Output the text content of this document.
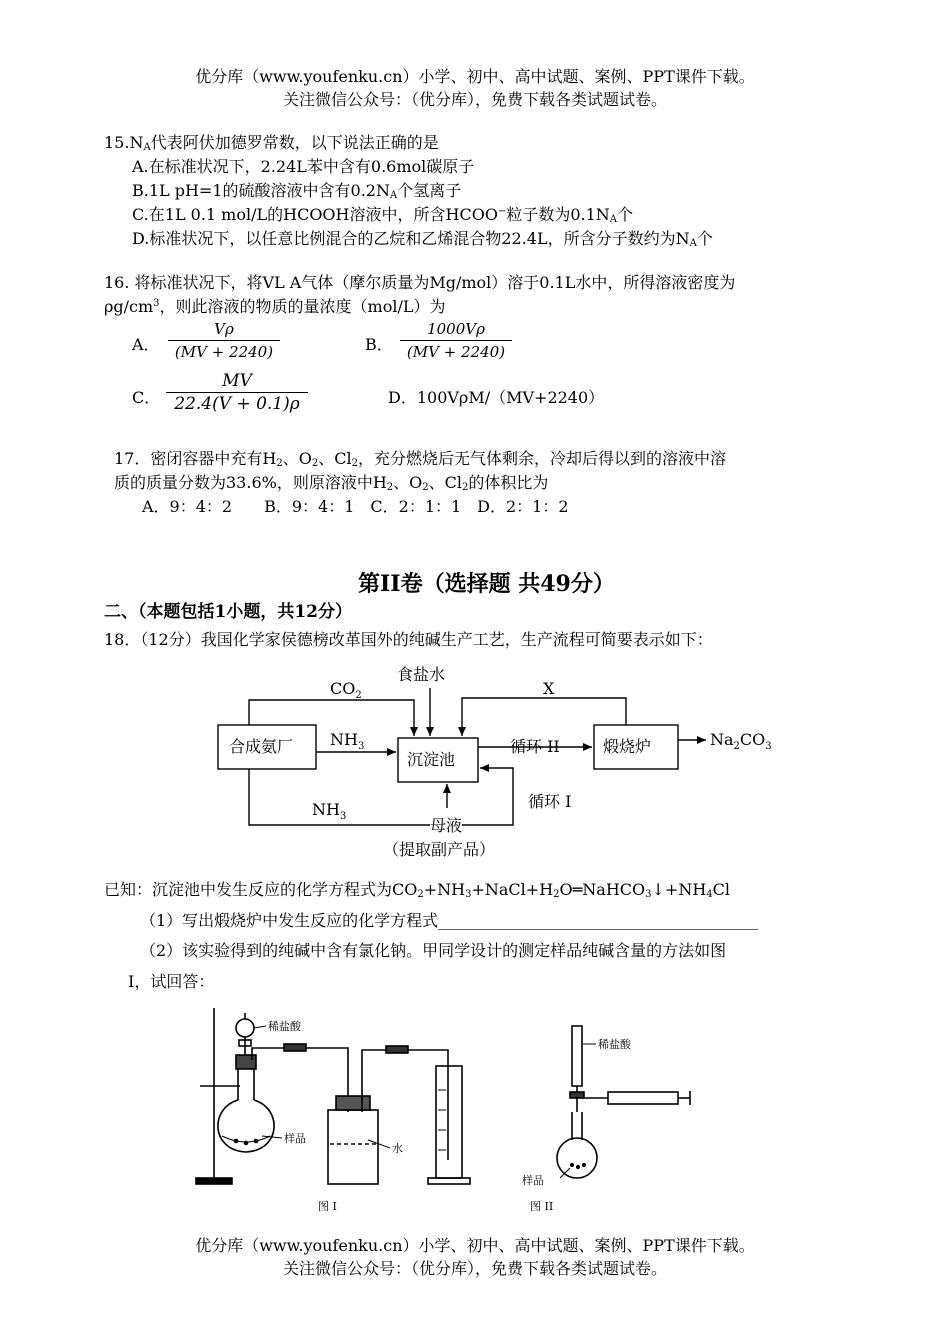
优分库（www.youfenku.cn）小学、初中、高中试题、案例、PPT课件下载。
关注微信公众号：（优分库），免费下载各类试题试卷。
$15.N_A$代表阿伏加德罗常数，以下说法正确的是
A.在标准状况下，2.24L苯中含有0.6mol碳原子
B.1L pH=1的硫酸溶液中含有$0.2N_A$个氢离子
C.在1L 0.1 mol/L的HCOOH溶液中，所含HCOO−粒子数为$0.1N_A$个
D.标准状况下，以任意比例混合的乙烷和乙烯混合物22.4L，所含分子数约为$N_A$个
16. 将标准状况下，将VL A气体（摩尔质量为Mg/mol）溶于0.1L水中，所得溶液密度为
$\rho g/cm^3$，则此溶液的物质的量浓度（mol/L）为
A．
Vρ
(MV + 2240)	B．
1000Vρ
(MV + 2240)
C．
MV
22.4(V + 0.1)ρ	D．100VρM/（MV+2240）
17．密闭容器中充有$H_2$、$O_2$、$Cl_2$，充分燃烧后无气体剩余，冷却后得以到的溶液中溶
质的质量分数为33.6%，则原溶液中$H_2$、$O_2$、$Cl_2$的体积比为
A．9：4：2　　B．9：4：1　C．2：1：1　D．2：1：2
第II卷（选择题 共49分）
二、（本题包括1小题，共12分）
18．（12分）我国化学家侯德榜改革国外的纯碱生产工艺，生产流程可简要表示如下：
食盐水
$CO_2$	X
合成氨厂 $NH_3$
沉淀池
循环 II	煅烧炉	$Na_2CO_3$
$NH_3$
循环 I
母液
（提取副产品）
已知：沉淀池中发生反应的化学方程式为$CO_2+NH_3+NaCl+H_2O═NaHCO_3↓+NH_4Cl$
（1）写出煅烧炉中发生反应的化学方程式________________________________________
（2）该实验得到的纯碱中含有氯化钠。甲同学设计的测定样品纯碱含量的方法如图
Ⅰ，试回答：
稀盐酸
样品
水
图 I
稀盐酸
样品
图 II
优分库（www.youfenku.cn）小学、初中、高中试题、案例、PPT课件下载。
关注微信公众号：（优分库），免费下载各类试题试卷。
